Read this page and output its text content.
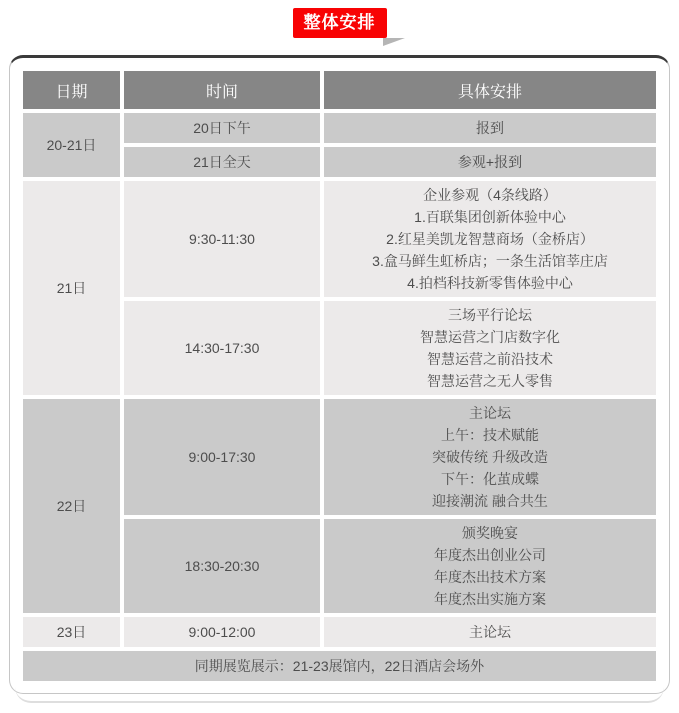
整体安排
日期	时间	具体安排
20-21日	20日下午	报到
	21日全天	参观+报到
21日	9:30-11:30	企业参观（4条线路）
1.百联集团创新体验中心
2.红星美凯龙智慧商场（金桥店）
3.盒马鲜生虹桥店；一条生活馆莘庄店
4.拍档科技新零售体验中心
	14:30-17:30	三场平行论坛
智慧运营之门店数字化
智慧运营之前沿技术
智慧运营之无人零售
22日	9:00-17:30	主论坛
上午：技术赋能
突破传统 升级改造
下午：化茧成蝶
迎接潮流 融合共生
	18:30-20:30	颁奖晚宴
年度杰出创业公司
年度杰出技术方案
年度杰出实施方案
23日	9:00-12:00	主论坛
同期展览展示：21-23展馆内，22日酒店会场外		
